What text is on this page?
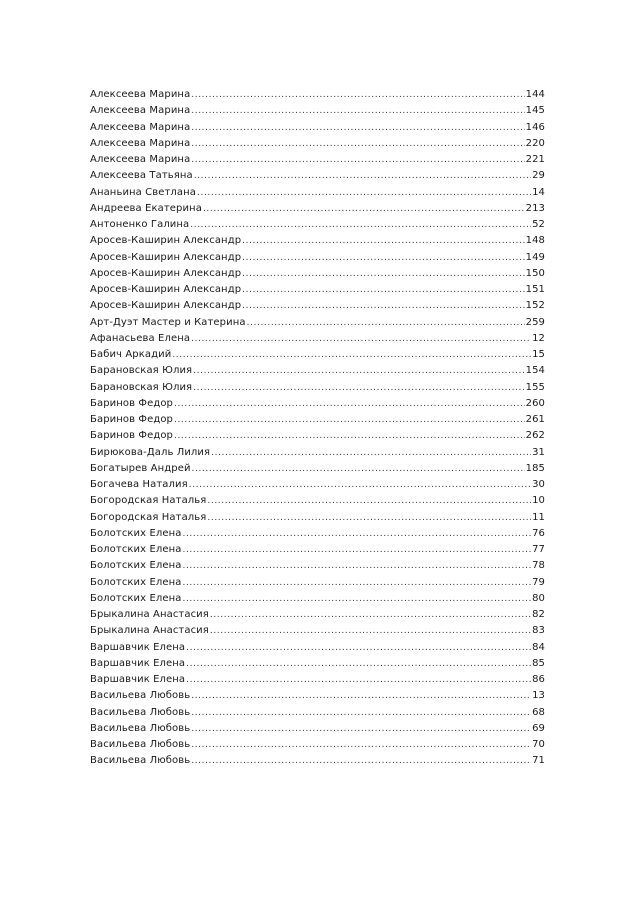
Алексеева Марина .....	144
Алексеева Марина .....	145
Алексеева Марина .....	146
Алексеева Марина .....	220
Алексеева Марина .....	221
Алексеева Татьяна .....	29
Ананьина Светлана .....	14
Андреева Екатерина .....	213
Антоненко Галина .....	52
Аросев-Каширин Александр .....	148
Аросев-Каширин Александр .....	149
Аросев-Каширин Александр .....	150
Аросев-Каширин Александр .....	151
Аросев-Каширин Александр .....	152
Арт-Дуэт Мастер и Катерина .....	259
Афанасьева Елена .....	12
Бабич Аркадий .....	15
Барановская Юлия .....	154
Барановская Юлия .....	155
Баринов Федор .....	260
Баринов Федор .....	261
Баринов Федор .....	262
Бирюкова-Даль Лилия .....	31
Богатырев Андрей .....	185
Богачева Наталия .....	30
Богородская Наталья .....	10
Богородская Наталья .....	11
Болотских Елена .....	76
Болотских Елена .....	77
Болотских Елена .....	78
Болотских Елена .....	79
Болотских Елена .....	80
Брыкалина Анастасия .....	82
Брыкалина Анастасия .....	83
Варшавчик Елена .....	84
Варшавчик Елена .....	85
Варшавчик Елена .....	86
Васильева Любовь .....	13
Васильева Любовь .....	68
Васильева Любовь .....	69
Васильева Любовь .....	70
Васильева Любовь .....	71
